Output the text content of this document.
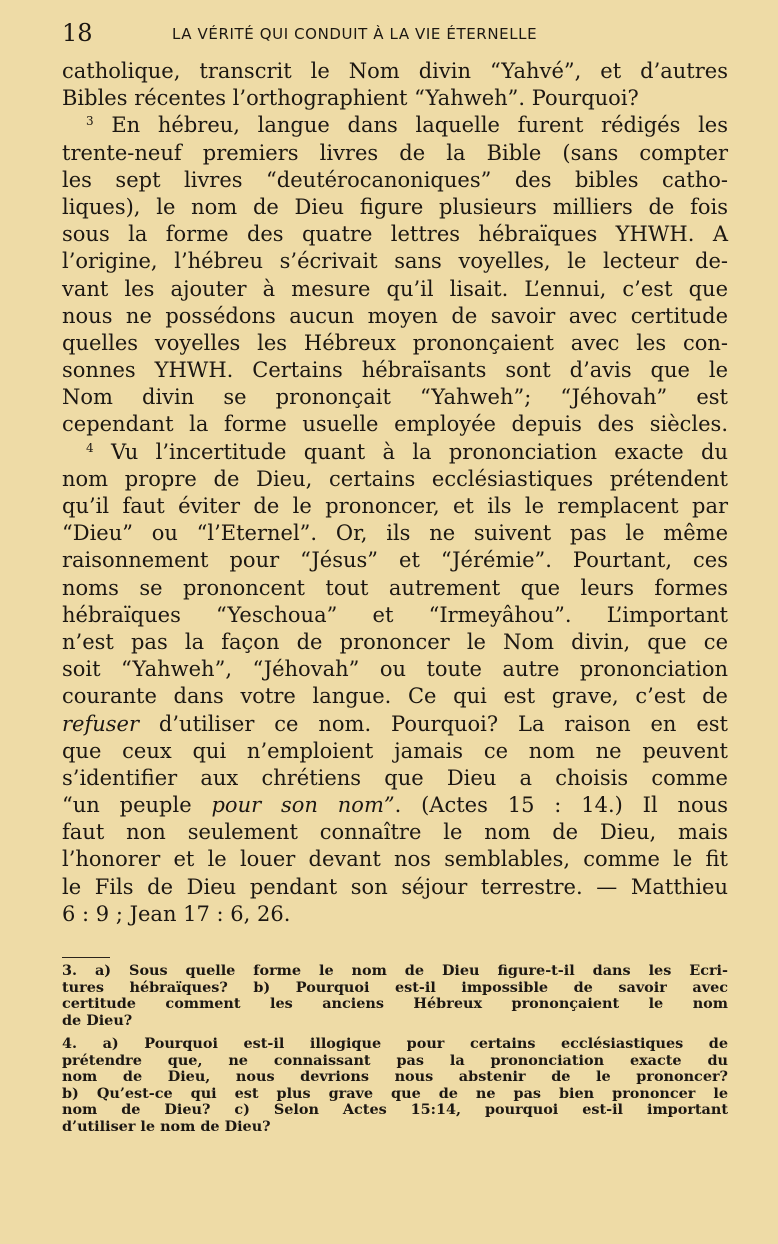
18	LA VÉRITÉ QUI CONDUIT À LA VIE ÉTERNELLE
catholique, transcrit le Nom divin “Yahvé”, et d’autres
Bibles récentes l’orthographient “Yahweh”. Pourquoi?
$^3$ En hébreu, langue dans laquelle furent rédigés les
trente-neuf premiers livres de la Bible (sans compter
les sept livres “deutérocanoniques” des bibles catho-
liques), le nom de Dieu figure plusieurs milliers de fois
sous la forme des quatre lettres hébraïques YHWH. A
l’origine, l’hébreu s’écrivait sans voyelles, le lecteur de-
vant les ajouter à mesure qu’il lisait. L’ennui, c’est que
nous ne possédons aucun moyen de savoir avec certitude
quelles voyelles les Hébreux prononçaient avec les con-
sonnes YHWH. Certains hébraïsants sont d’avis que le
Nom divin se prononçait “Yahweh”; “Jéhovah” est
cependant la forme usuelle employée depuis des siècles.
$^4$ Vu l’incertitude quant à la prononciation exacte du
nom propre de Dieu, certains ecclésiastiques prétendent
qu’il faut éviter de le prononcer, et ils le remplacent par
“Dieu” ou “l’Eternel”. Or, ils ne suivent pas le même
raisonnement pour “Jésus” et “Jérémie”. Pourtant, ces
noms se prononcent tout autrement que leurs formes
hébraïques “Yeschoua” et “Irmeyâhou”. L’important
n’est pas la façon de prononcer le Nom divin, que ce
soit “Yahweh”, “Jéhovah” ou toute autre prononciation
courante dans votre langue. Ce qui est grave, c’est de
refuser d’utiliser ce nom. Pourquoi? La raison en est
que ceux qui n’emploient jamais ce nom ne peuvent
s’identifier aux chrétiens que Dieu a choisis comme
“un peuple pour son nom”. (Actes 15 : 14.) Il nous
faut non seulement connaître le nom de Dieu, mais
l’honorer et le louer devant nos semblables, comme le fit
le Fils de Dieu pendant son séjour terrestre. — Matthieu
6 : 9 ; Jean 17 : 6, 26.
3. a) Sous quelle forme le nom de Dieu figure-t-il dans les Ecri-
tures hébraïques? b) Pourquoi est-il impossible de savoir avec
certitude comment les anciens Hébreux prononçaient le nom
de Dieu?
4. a) Pourquoi est-il illogique pour certains ecclésiastiques de
prétendre que, ne connaissant pas la prononciation exacte du
nom de Dieu, nous devrions nous abstenir de le prononcer?
b) Qu’est-ce qui est plus grave que de ne pas bien prononcer le
nom de Dieu? c) Selon Actes 15:14, pourquoi est-il important
d’utiliser le nom de Dieu?
